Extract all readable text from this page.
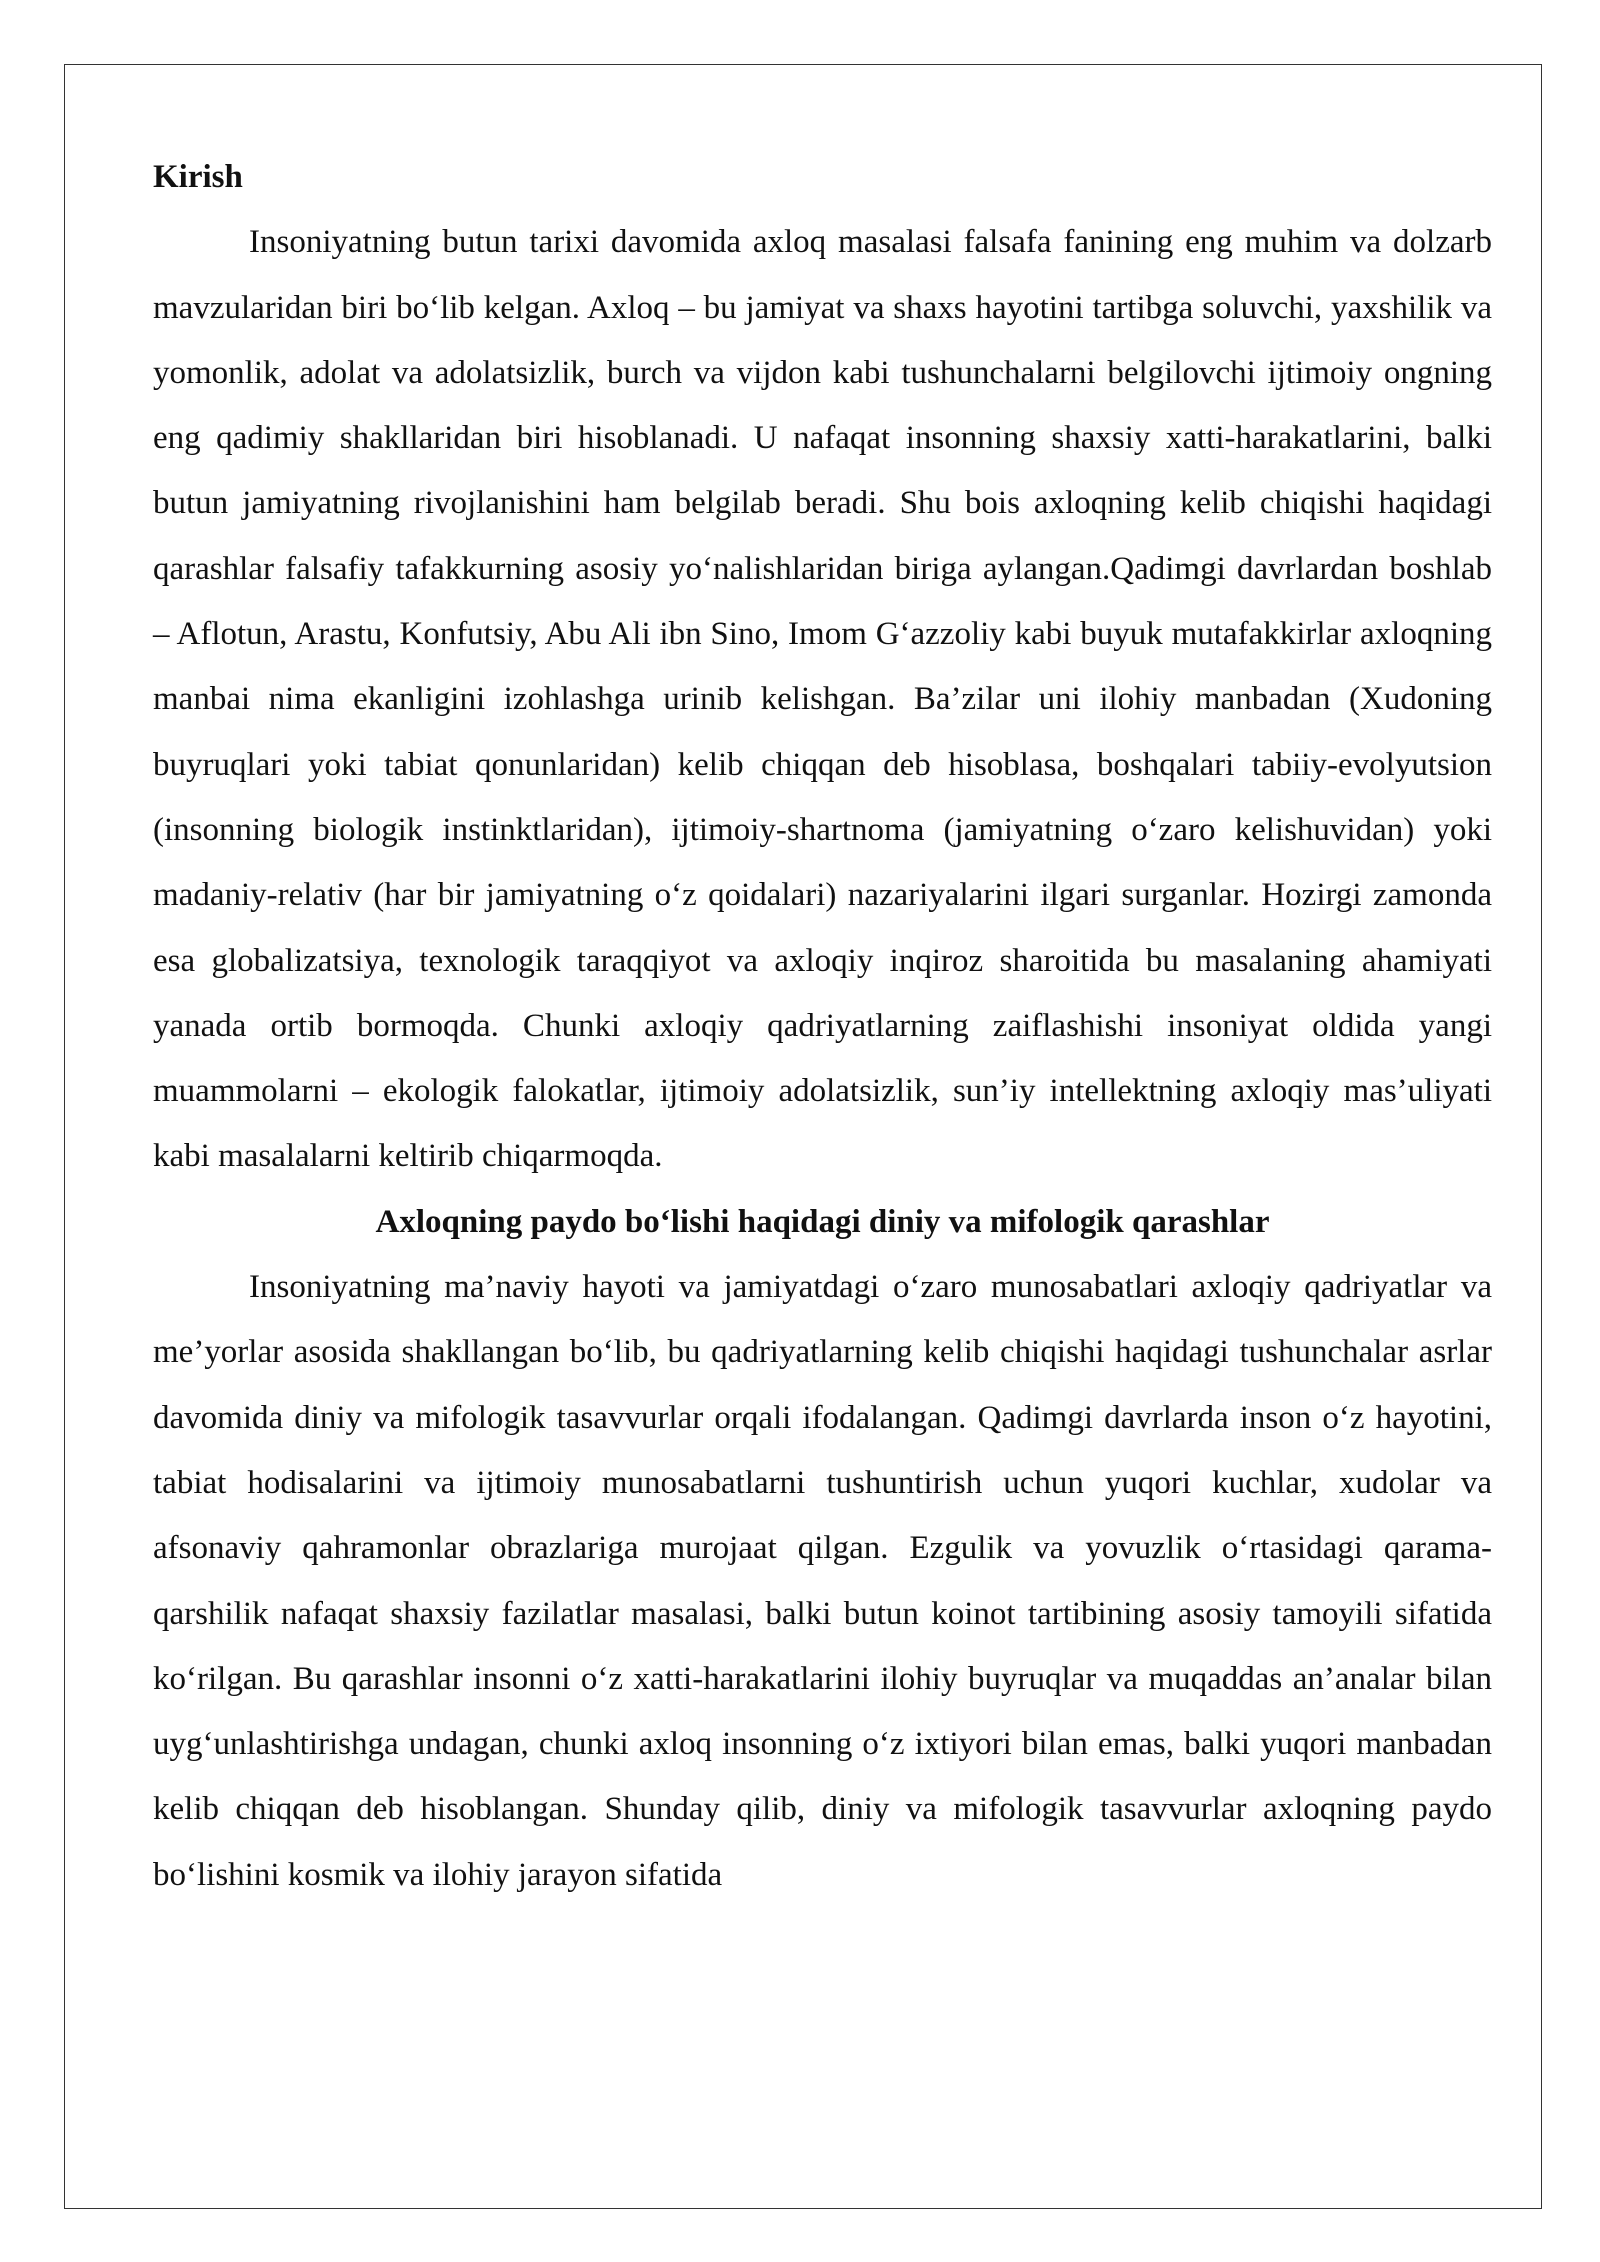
Kirish

Insoniyatning butun tarixi davomida axloq masalasi falsafa fanining eng muhim va dolzarb mavzularidan biri bo‘lib kelgan. Axloq – bu jamiyat va shaxs hayotini tartibga soluvchi, yaxshilik va yomonlik, adolat va adolatsizlik, burch va vijdon kabi tushunchalarni belgilovchi ijtimoiy ongning eng qadimiy shakllaridan biri hisoblanadi. U nafaqat insonning shaxsiy xatti-harakatlarini, balki butun jamiyatning rivojlanishini ham belgilab beradi. Shu bois axloqning kelib chiqishi haqidagi qarashlar falsafiy tafakkurning asosiy yo‘nalishlaridan biriga aylangan.Qadimgi davrlardan boshlab – Aflotun, Arastu, Konfutsiy, Abu Ali ibn Sino, Imom G‘azzoliy kabi buyuk mutafakkirlar axloqning manbai nima ekanligini izohlashga urinib kelishgan. Ba’zilar uni ilohiy manbadan (Xudoning buyruqlari yoki tabiat qonunlaridan) kelib chiqqan deb hisoblasa, boshqalari tabiiy-evolyutsion (insonning biologik instinktlaridan), ijtimoiy-shartnoma (jamiyatning o‘zaro kelishuvidan) yoki madaniy-relativ (har bir jamiyatning o‘z qoidalari) nazariyalarini ilgari surganlar. Hozirgi zamonda esa globalizatsiya, texnologik taraqqiyot va axloqiy inqiroz sharoitida bu masalaning ahamiyati yanada ortib bormoqda. Chunki axloqiy qadriyatlarning zaiflashishi insoniyat oldida yangi muammolarni – ekologik falokatlar, ijtimoiy adolatsizlik, sun’iy intellektning axloqiy mas’uliyati kabi masalalarni keltirib chiqarmoqda.

Axloqning paydo bo‘lishi haqidagi diniy va mifologik qarashlar

Insoniyatning ma’naviy hayoti va jamiyatdagi o‘zaro munosabatlari axloqiy qadriyatlar va me’yorlar asosida shakllangan bo‘lib, bu qadriyatlarning kelib chiqishi haqidagi tushunchalar asrlar davomida diniy va mifologik tasavvurlar orqali ifodalangan. Qadimgi davrlarda inson o‘z hayotini, tabiat hodisalarini va ijtimoiy munosabatlarni tushuntirish uchun yuqori kuchlar, xudolar va afsonaviy qahramonlar obrazlariga murojaat qilgan. Ezgulik va yovuzlik o‘rtasidagi qarama-qarshilik nafaqat shaxsiy fazilatlar masalasi, balki butun koinot tartibining asosiy tamoyili sifatida ko‘rilgan. Bu qarashlar insonni o‘z xatti-harakatlarini ilohiy buyruqlar va muqaddas an’analar bilan uyg‘unlashtirishga undagan, chunki axloq insonning o‘z ixtiyori bilan emas, balki yuqori manbadan kelib chiqqan deb hisoblangan. Shunday qilib, diniy va mifologik tasavvurlar axloqning paydo bo‘lishini kosmik va ilohiy jarayon sifatida
